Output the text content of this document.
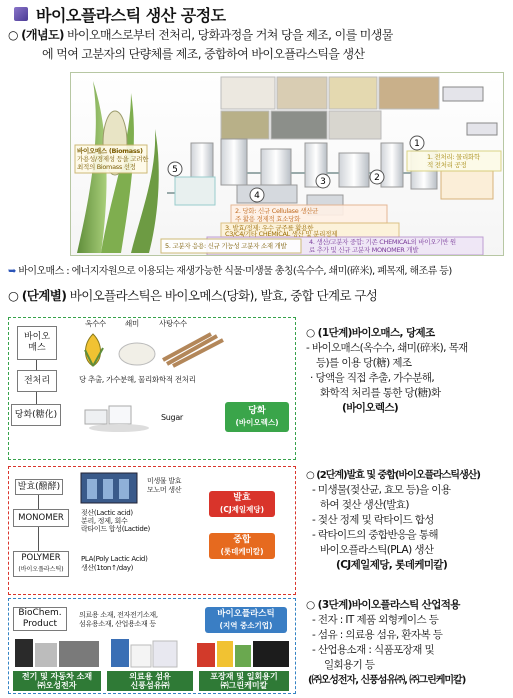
바이오플라스틱 생산 공정도
○ (개념도) 바이오매스로부터 전처리, 당화과정을 거쳐 당을 제조, 이를 미생물
에 먹여 고분자의 단량체를 제조, 중합하여 바이오플라스틱을 생산
5
4
3	2
1
바이오매스 (Biomass)
가용성/경제성 등을 고려한
최적의 Biomass 선정
1. 전처리: 물리화학
적 전처리 공정
2. 당화: 신규 Cellulase 생산균
주 활용 경제적 효소당화
3. 발효/정제: 우수 균주를 활용한
C3/C4/기타 CHEMICAL 생산 및 분리정제
4. 생산/고분자 중합: 기존 CHEMICAL외 바이오기반 원
료 추가 및 신규 고분자 MONOMER 개발
5. 고분자 응용: 신규 기능성 고분자 소재 개발
➥ 바이오매스 : 에너지자원으로 이용되는 재생가능한 식물·미생물 총칭(옥수수, 쇄미(碎米), 폐목재, 해조류 등)
○ (단계별) 바이오플라스틱은 바이오메스(당화), 발효, 중합 단계로 구성
바이오
매스
옥수수	쇄미	사탕수수
전처리	당 추출, 가수분해, 물리화학적 전처리
당화(糖化)	Sugar
당화
(바이오렉스)
발효(醱酵)
미생물 발효
모노머 생산
MONOMER	젖산(Lactic acid)
분리, 정제, 회수
락타이드 합성(Lactide)
발효
(CJ제일제당)
POLYMER
(바이오플라스틱)
PLA(Poly Lactic Acid)
생산(1ton↑/day)
중합
(롯데케미칼)
BioChem.
Product
의료용 소재, 전자전기소재,
섬유용소재, 산업용소재 등
바이오플라스틱
(지역 중소기업)
전기 및 자동차 소재
㈜오성전자
의료용 섬유
신풍섬유㈜
포장재 및 일회용기
㈜그린케미칼
○ (1단계)바이오매스, 당제조
- 바이오매스(옥수수, 쇄미(碎米), 목재
등)를 이용 당(糖) 제조
· 당액을 직접 추출, 가수분해,
화학적 처리를 통한 당(糖)화
(바이오렉스)
○ (2단계)발효 및 중합(바이오플라스틱생산)
- 미생물(젖산균, 효모 등)을 이용
하여 젖산 생산(발효)
- 젖산 정제 및 락타이드 합성
- 락타이드의 중합반응을 통해
바이오플라스틱(PLA) 생산
(CJ제일제당, 롯데케미칼)
○ (3단계)바이오플라스틱 산업적용
- 전자 : IT 제품 외형케이스 등
- 섬유 : 의료용 섬유, 환자복 등
- 산업용소재 : 식품포장재 및
일회용기 등
(㈜오성전자, 신풍섬유㈜, ㈜그린케미칼)
